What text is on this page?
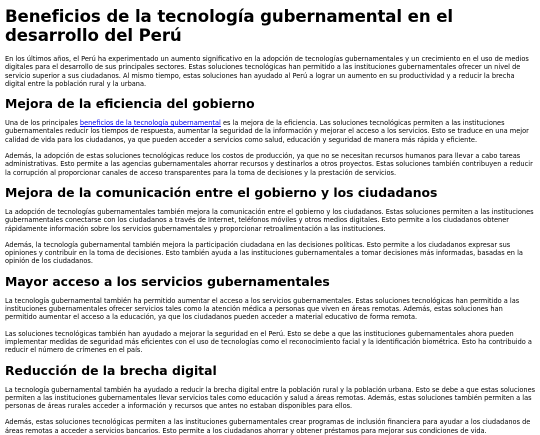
Beneficios de la tecnología gubernamental en el desarrollo del Perú

En los últimos años, el Perú ha experimentado un aumento significativo en la adopción de tecnologías gubernamentales y un crecimiento en el uso de medios digitales para el desarrollo de sus principales sectores. Estas soluciones tecnológicas han permitido a las instituciones gubernamentales ofrecer un nivel de servicio superior a sus ciudadanos. Al mismo tiempo, estas soluciones han ayudado al Perú a lograr un aumento en su productividad y a reducir la brecha digital entre la población rural y la urbana.

Mejora de la eficiencia del gobierno

Una de los principales beneficios de la tecnología gubernamental es la mejora de la eficiencia. Las soluciones tecnológicas permiten a las instituciones gubernamentales reducir los tiempos de respuesta, aumentar la seguridad de la información y mejorar el acceso a los servicios. Esto se traduce en una mejor calidad de vida para los ciudadanos, ya que pueden acceder a servicios como salud, educación y seguridad de manera más rápida y eficiente.

Además, la adopción de estas soluciones tecnológicas reduce los costos de producción, ya que no se necesitan recursos humanos para llevar a cabo tareas administrativas. Esto permite a las agencias gubernamentales ahorrar recursos y destinarlos a otros proyectos. Estas soluciones también contribuyen a reducir la corrupción al proporcionar canales de acceso transparentes para la toma de decisiones y la prestación de servicios.

Mejora de la comunicación entre el gobierno y los ciudadanos

La adopción de tecnologías gubernamentales también mejora la comunicación entre el gobierno y los ciudadanos. Estas soluciones permiten a las instituciones gubernamentales conectarse con los ciudadanos a través de Internet, teléfonos móviles y otros medios digitales. Esto permite a los ciudadanos obtener rápidamente información sobre los servicios gubernamentales y proporcionar retroalimentación a las instituciones.

Además, la tecnología gubernamental también mejora la participación ciudadana en las decisiones políticas. Esto permite a los ciudadanos expresar sus opiniones y contribuir en la toma de decisiones. Esto también ayuda a las instituciones gubernamentales a tomar decisiones más informadas, basadas en la opinión de los ciudadanos.

Mayor acceso a los servicios gubernamentales

La tecnología gubernamental también ha permitido aumentar el acceso a los servicios gubernamentales. Estas soluciones tecnológicas han permitido a las instituciones gubernamentales ofrecer servicios tales como la atención médica a personas que viven en áreas remotas. Además, estas soluciones han permitido aumentar el acceso a la educación, ya que los ciudadanos pueden acceder a material educativo de forma remota.

Las soluciones tecnológicas también han ayudado a mejorar la seguridad en el Perú. Esto se debe a que las instituciones gubernamentales ahora pueden implementar medidas de seguridad más eficientes con el uso de tecnologías como el reconocimiento facial y la identificación biométrica. Esto ha contribuido a reducir el número de crímenes en el país.

Reducción de la brecha digital

La tecnología gubernamental también ha ayudado a reducir la brecha digital entre la población rural y la población urbana. Esto se debe a que estas soluciones permiten a las instituciones gubernamentales llevar servicios tales como educación y salud a áreas remotas. Además, estas soluciones también permiten a las personas de áreas rurales acceder a información y recursos que antes no estaban disponibles para ellos.

Además, estas soluciones tecnológicas permiten a las instituciones gubernamentales crear programas de inclusión financiera para ayudar a los ciudadanos de áreas remotas a acceder a servicios bancarios. Esto permite a los ciudadanos ahorrar y obtener préstamos para mejorar sus condiciones de vida.
